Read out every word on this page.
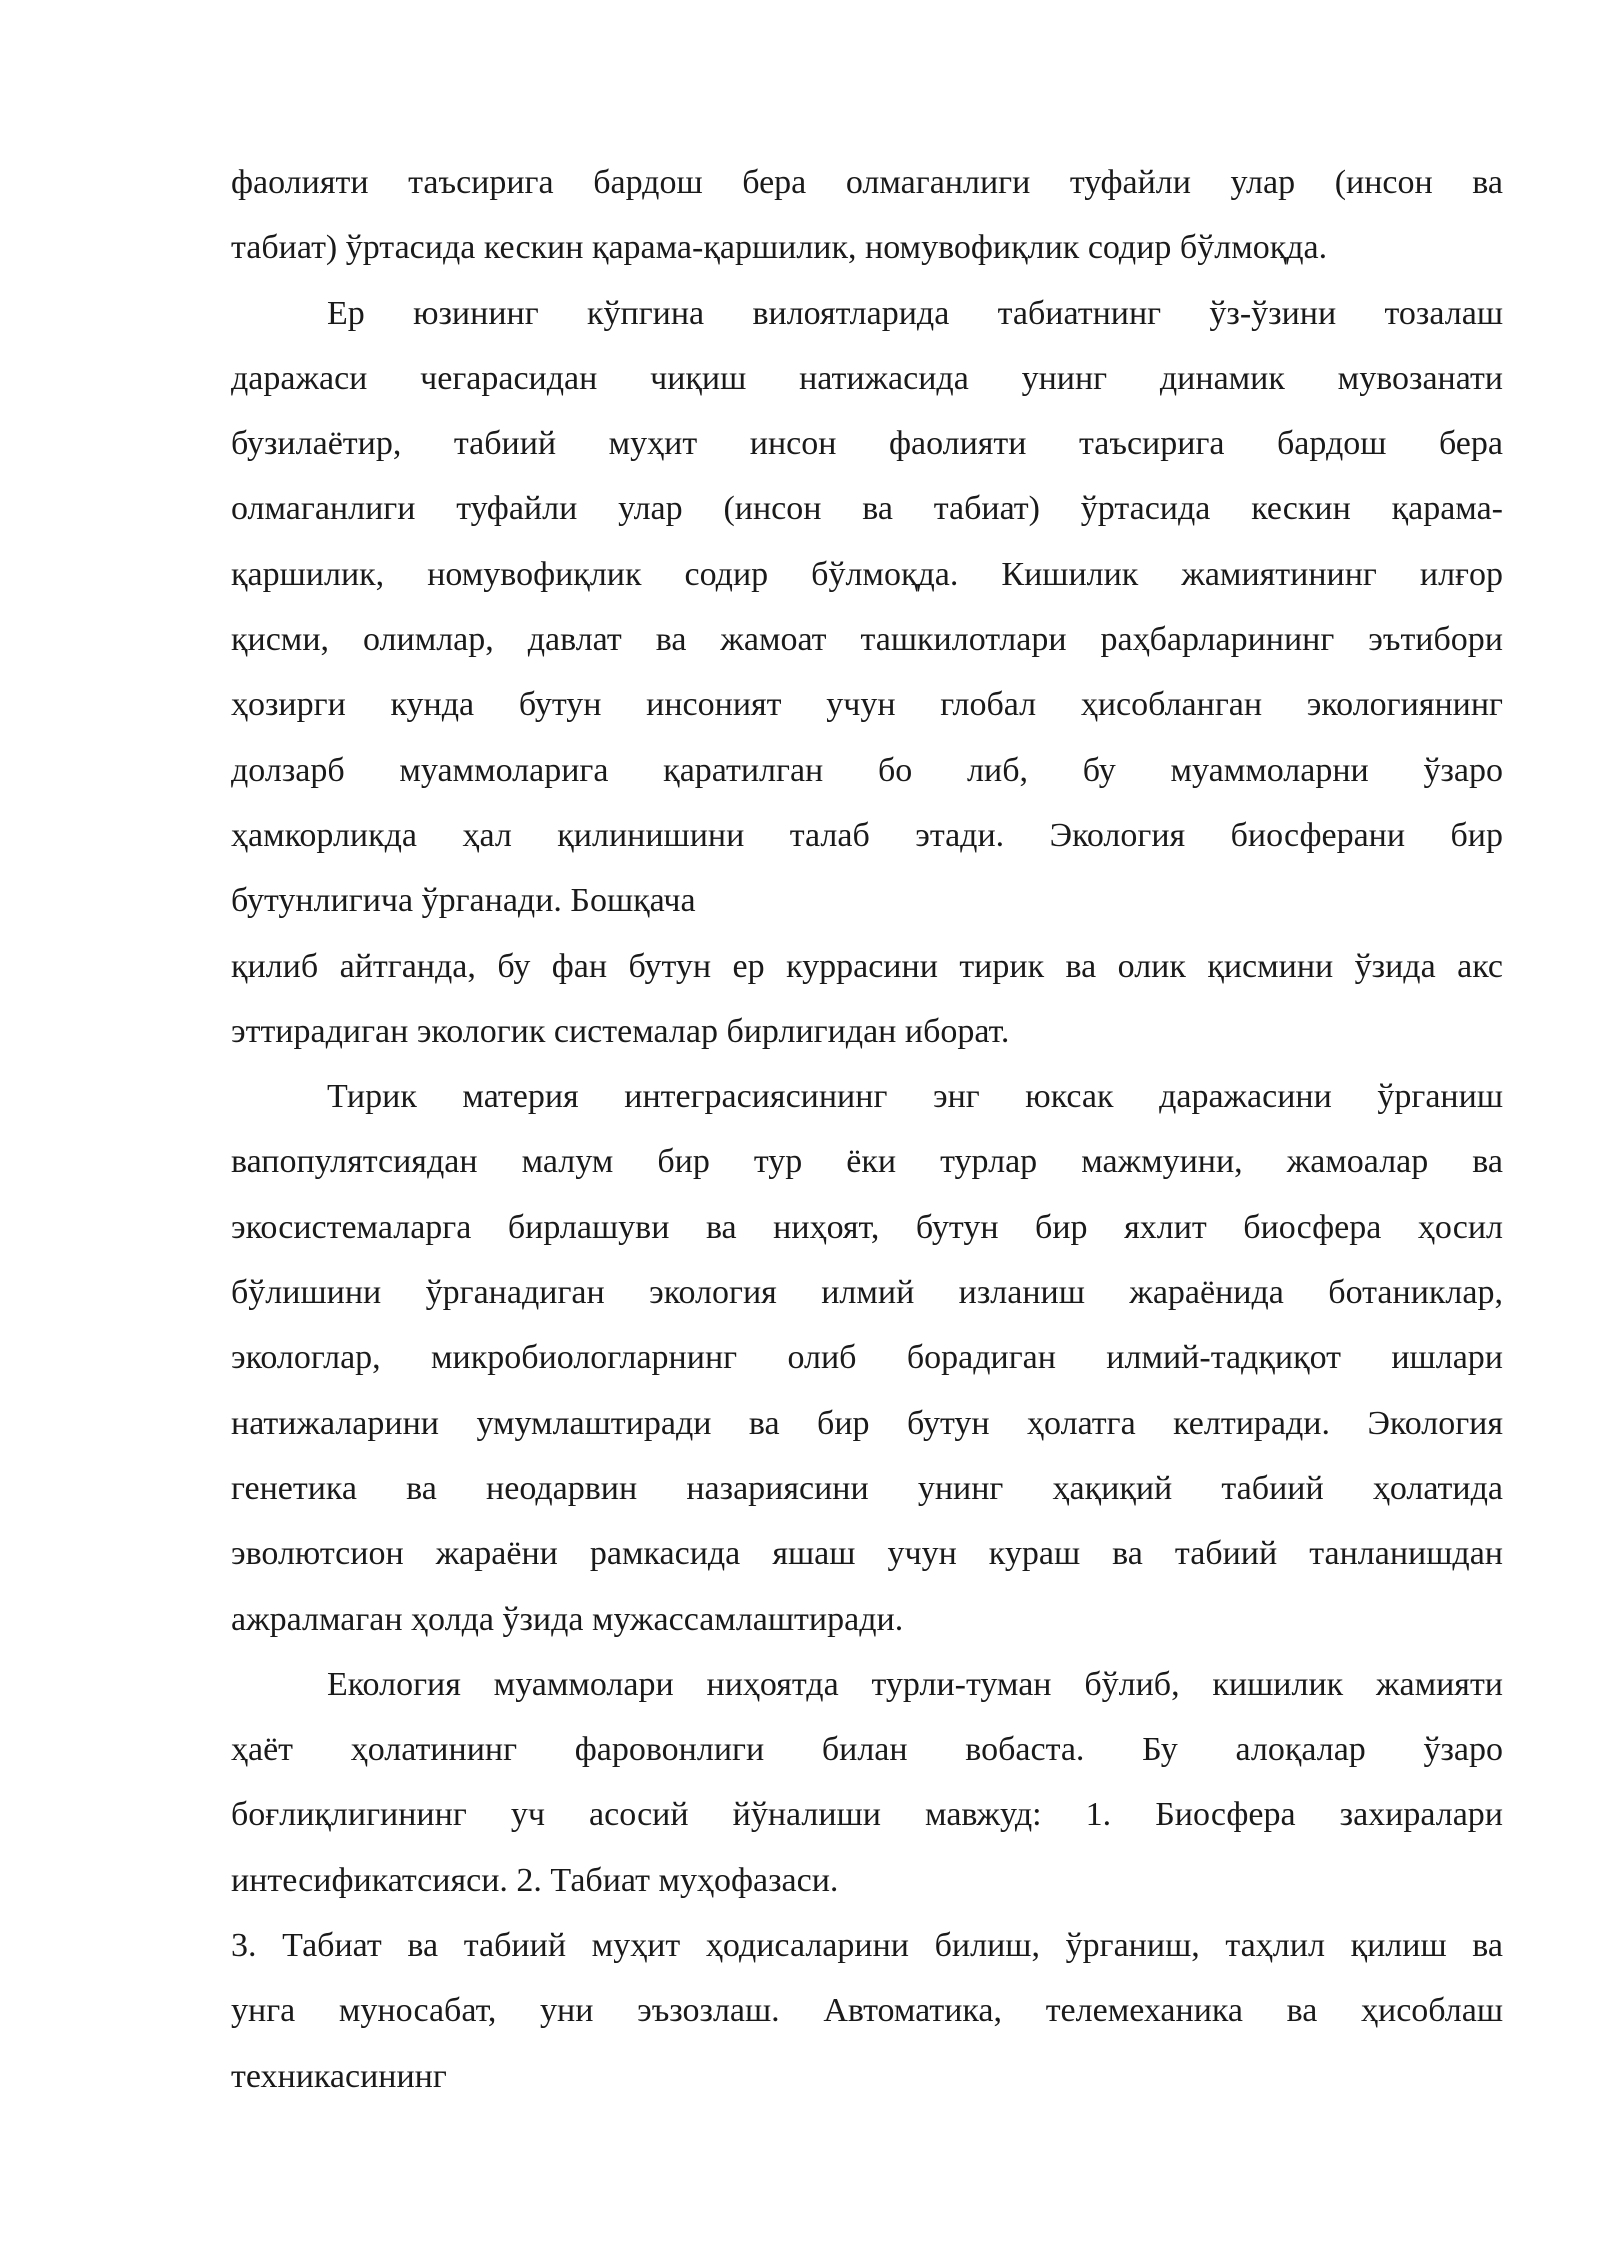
фаолияти таъсирига бардош бера олмаганлиги туфайли улар (инсон ва
табиат) ўртасида кескин қарама-қаршилик, номувофиқлик содир бўлмоқда.
Ер юзининг кўпгина вилоятларида табиатнинг ўз-ўзини тозалаш
даражаси чегарасидан чиқиш натижасида унинг динамик мувозанати
бузилаётир, табиий муҳит инсон фаолияти таъсирига бардош бера
олмаганлиги туфайли улар (инсон ва табиат) ўртасида кескин қарама-
қаршилик, номувофиқлик содир бўлмоқда. Кишилик жамиятининг илғор
қисми, олимлар, давлат ва жамоат ташкилотлари раҳбарларининг эътибори
ҳозирги кунда бутун инсоният учун глобал ҳисобланган экологиянинг
долзарб муаммоларига қаратилган бо либ, бу муаммоларни ўзаро
ҳамкорликда ҳал қилинишини талаб этади. Экология биосферани бир
бутунлигича ўрганади. Бошқача
қилиб айтганда, бу фан бутун ер куррасини тирик ва олик қисмини ўзида акс
эттирадиган экологик системалар бирлигидан иборат.
Тирик материя интеграсиясининг энг юксак даражасини ўрганиш
вапопулятсиядан малум бир тур ёки турлар мажмуини, жамоалар ва
экосистемаларга бирлашуви ва ниҳоят, бутун бир яхлит биосфера ҳосил
бўлишини ўрганадиган экология илмий изланиш жараёнида ботаниклар,
экологлар, микробиологларнинг олиб борадиган илмий-тадқиқот ишлари
натижаларини умумлаштиради ва бир бутун ҳолатга келтиради. Экология
генетика ва неодарвин назариясини унинг ҳақиқий табиий ҳолатида
эволютсион жараёни рамкасида яшаш учун кураш ва табиий танланишдан
ажралмаган ҳолда ўзида мужассамлаштиради.
Екология муаммолари ниҳоятда турли-туман бўлиб, кишилик жамияти
ҳаёт ҳолатининг фаровонлиги билан вобаста. Бу алоқалар ўзаро
боғлиқлигининг уч асосий йўналиши мавжуд: 1. Биосфера захиралари
интесификатсияси. 2. Табиат муҳофазаси.
3. Табиат ва табиий муҳит ҳодисаларини билиш, ўрганиш, таҳлил қилиш ва
унга муносабат, уни эъзозлаш. Автоматика, телемеханика ва ҳисоблаш
техникасининг
